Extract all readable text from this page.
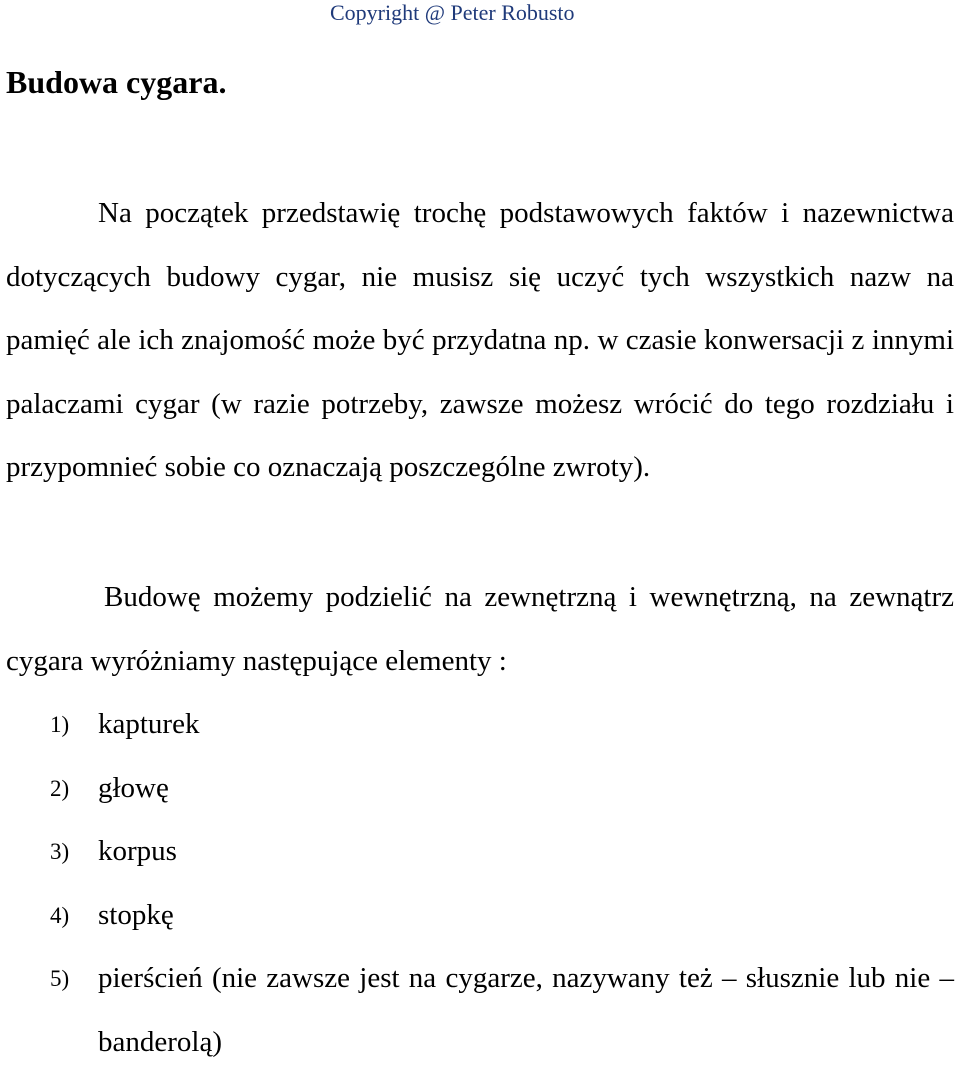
Copyright @ Peter Robusto
Budowa cygara.

Na początek przedstawię trochę podstawowych faktów i nazewnictwa dotyczących budowy cygar, nie musisz się uczyć tych wszystkich nazw na pamięć ale ich znajomość może być przydatna np. w czasie konwersacji z innymi palaczami cygar (w razie potrzeby, zawsze możesz wrócić do tego rozdziału i przypomnieć sobie co oznaczają poszczególne zwroty).

Budowę możemy podzielić na zewnętrzną i wewnętrzną, na zewnątrz cygara wyróżniamy następujące elementy :

1) kapturek
2) głowę
3) korpus
4) stopkę
5) pierścień (nie zawsze jest na cygarze, nazywany też – słusznie lub nie – banderolą)
